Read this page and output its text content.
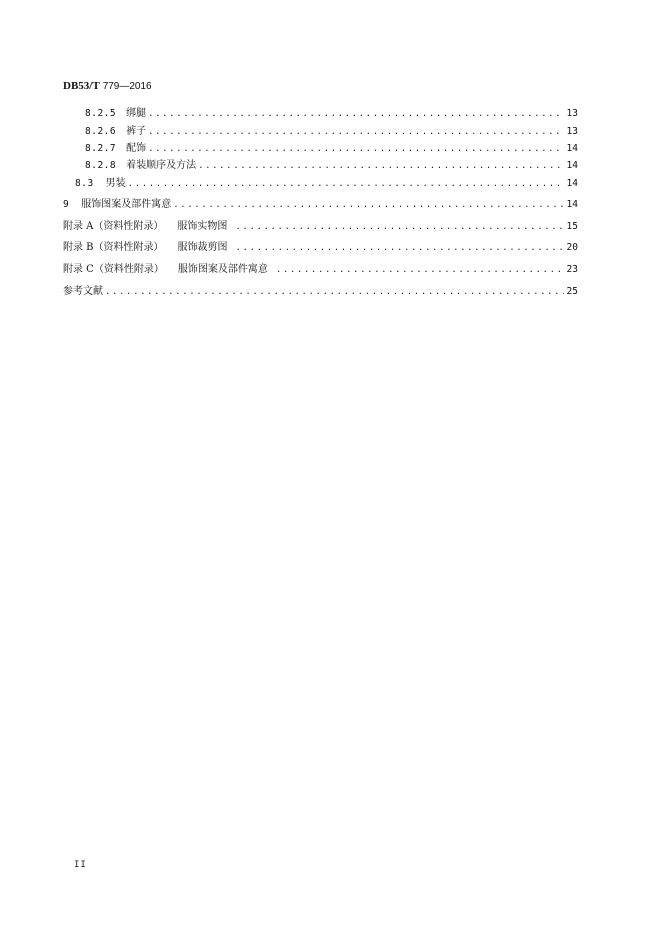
DB53/T 779—2016
8.2.5 绑腿 .....	13
8.2.6 裤子 .....	13
8.2.7 配饰 .....	14
8.2.8 着装顺序及方法 .....	14
8.3 男装 .....	14
9 服饰图案及部件寓意 .....	14
附录 A（资料性附录） 服饰实物图 .....	15
附录 B（资料性附录） 服饰裁剪图 .....	20
附录 C（资料性附录） 服饰图案及部件寓意 .....	23
参考文献 .....	25
II
